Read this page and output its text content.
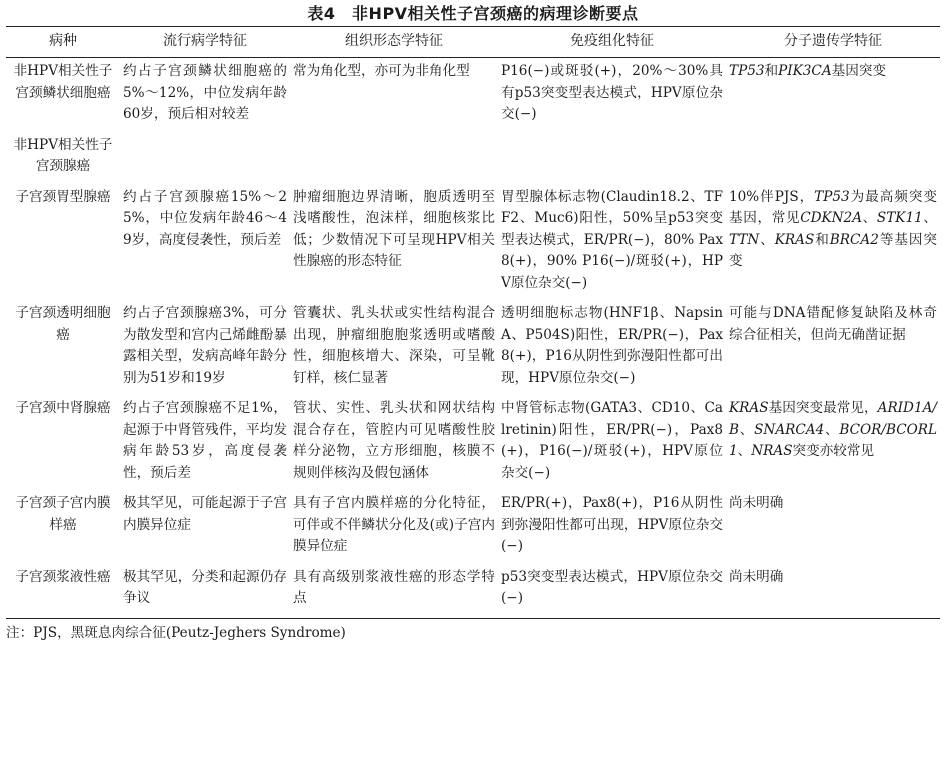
表4　非HPV相关性子宫颈癌的病理诊断要点
病种	流行病学特征	组织形态学特征	免疫组化特征	分子遗传学特征
非HPV相关性子宫颈鳞状细胞癌	约占子宫颈鳞状细胞癌的5%～12%，中位发病年龄60岁，预后相对较差	常为角化型，亦可为非角化型	P16(−)或斑驳(+)，20%～30%具有p53突变型表达模式，HPV原位杂交(−)	TP53和PIK3CA基因突变
非HPV相关性子宫颈腺癌				
子宫颈胃型腺癌	约占子宫颈腺癌15%～25%，中位发病年龄46～49岁，高度侵袭性，预后差	肿瘤细胞边界清晰，胞质透明至浅嗜酸性，泡沫样，细胞核浆比低；少数情况下可呈现HPV相关性腺癌的形态特征	胃型腺体标志物(Claudin18.2、TFF2、Muc6)阳性，50%呈p53突变型表达模式，ER/PR(−)，80% Pax8(+)，90% P16(−)/斑驳(+)，HPV原位杂交(−)	10%伴PJS，TP53为最高频突变基因，常见CDKN2A、STK11、TTN、KRAS和BRCA2等基因突变
子宫颈透明细胞癌	约占子宫颈腺癌3%，可分为散发型和宫内己烯雌酚暴露相关型，发病高峰年龄分别为51岁和19岁	管囊状、乳头状或实性结构混合出现，肿瘤细胞胞浆透明或嗜酸性，细胞核增大、深染，可呈靴钉样，核仁显著	透明细胞标志物(HNF1β、Napsin A、P504S)阳性，ER/PR(−)，Pax8(+)，P16从阴性到弥漫阳性都可出现，HPV原位杂交(−)	可能与DNA错配修复缺陷及林奇综合征相关，但尚无确凿证据
子宫颈中肾腺癌	约占子宫颈腺癌不足1%，起源于中肾管残件，平均发病年龄53岁，高度侵袭性，预后差	管状、实性、乳头状和网状结构混合存在，管腔内可见嗜酸性胶样分泌物，立方形细胞，核膜不规则伴核沟及假包涵体	中肾管标志物(GATA3、CD10、Calretinin)阳性，ER/PR(−)，Pax8(+)，P16(−)/斑驳(+)，HPV原位杂交(−)	KRAS基因突变最常见，ARID1A/B、SNARCA4、BCOR/BCORL1、NRAS突变亦较常见
子宫颈子宫内膜样癌	极其罕见，可能起源于子宫内膜异位症	具有子宫内膜样癌的分化特征，可伴或不伴鳞状分化及(或)子宫内膜异位症	ER/PR(+)，Pax8(+)，P16从阴性到弥漫阳性都可出现，HPV原位杂交(−)	尚未明确
子宫颈浆液性癌	极其罕见，分类和起源仍存争议	具有高级别浆液性癌的形态学特点	p53突变型表达模式，HPV原位杂交(−)	尚未明确
注：PJS，黑斑息肉综合征(Peutz-Jeghers Syndrome)
